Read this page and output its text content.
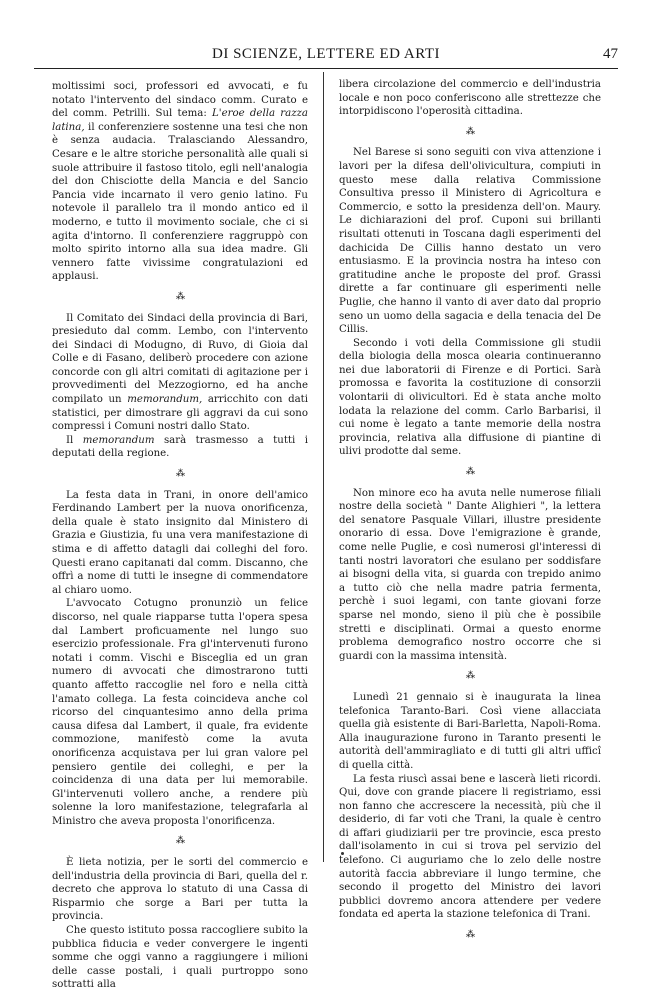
DI SCIENZE, LETTERE ED ARTI	47

moltissimi soci, professori ed avvocati, e fu notato l'intervento del sindaco comm. Curato e del comm. Petrilli. Sul tema: L'eroe della razza latina, il conferenziere sostenne una tesi che non è senza audacia. Tralasciando Alessandro, Cesare e le altre storiche personalità alle quali si suole attribuire il fastoso titolo, egli nell'analogia del don Chisciotte della Mancia e del Sancio Pancia vide incarnato il vero genio latino. Fu notevole il parallelo tra il mondo antico ed il moderno, e tutto il movimento sociale, che ci si agita d'intorno. Il conferenziere raggruppò con molto spirito intorno alla sua idea madre. Gli vennero fatte vivissime congratulazioni ed applausi.

⁂

Il Comitato dei Sindaci della provincia di Bari, presieduto dal comm. Lembo, con l'intervento dei Sindaci di Modugno, di Ruvo, di Gioia dal Colle e di Fasano, deliberò procedere con azione concorde con gli altri comitati di agitazione per i provvedimenti del Mezzogiorno, ed ha anche compilato un memorandum, arricchito con dati statistici, per dimostrare gli aggravi da cui sono compressi i Comuni nostri dallo Stato.

Il memorandum sarà trasmesso a tutti i deputati della regione.

⁂

La festa data in Trani, in onore dell'amico Ferdinando Lambert per la nuova onorificenza, della quale è stato insignito dal Ministero di Grazia e Giustizia, fu una vera manifestazione di stima e di affetto datagli dai colleghi del foro. Questi erano capitanati dal comm. Discanno, che offrì a nome di tutti le insegne di commendatore al chiaro uomo.

L'avvocato Cotugno pronunziò un felice discorso, nel quale riapparse tutta l'opera spesa dal Lambert proficuamente nel lungo suo esercizio professionale. Fra gl'intervenuti furono notati i comm. Vischi e Bisceglia ed un gran numero di avvocati che dimostrarono tutti quanto affetto raccoglie nel foro e nella città l'amato collega. La festa coincideva anche col ricorso del cinquantesimo anno della prima causa difesa dal Lambert, il quale, fra evidente commozione, manifestò come la avuta onorificenza acquistava per lui gran valore pel pensiero gentile dei colleghi, e per la coincidenza di una data per lui memorabile. Gl'intervenuti vollero anche, a rendere più solenne la loro manifestazione, telegrafarla al Ministro che aveva proposta l'onorificenza.

⁂

È lieta notizia, per le sorti del commercio e dell'industria della provincia di Bari, quella del r. decreto che approva lo statuto di una Cassa di Risparmio che sorge a Bari per tutta la provincia.

Che questo istituto possa raccogliere subito la pubblica fiducia e veder convergere le ingenti somme che oggi vanno a raggiungere i milioni delle casse postali, i quali purtroppo sono sottratti alla

libera circolazione del commercio e dell'industria locale e non poco conferiscono alle strettezze che intorpidiscono l'operosità cittadina.

⁂

Nel Barese si sono seguiti con viva attenzione i lavori per la difesa dell'olivicultura, compiuti in questo mese dalla relativa Commissione Consultiva presso il Ministero di Agricoltura e Commercio, e sotto la presidenza dell'on. Maury. Le dichiarazioni del prof. Cuponi sui brillanti risultati ottenuti in Toscana dagli esperimenti del dachicida De Cillis hanno destato un vero entusiasmo. E la provincia nostra ha inteso con gratitudine anche le proposte del prof. Grassi dirette a far continuare gli esperimenti nelle Puglie, che hanno il vanto di aver dato dal proprio seno un uomo della sagacia e della tenacia del De Cillis.

Secondo i voti della Commissione gli studii della biologia della mosca olearia continueranno nei due laboratorii di Firenze e di Portici. Sarà promossa e favorita la costituzione di consorzii volontarii di olivicultori. Ed è stata anche molto lodata la relazione del comm. Carlo Barbarisi, il cui nome è legato a tante memorie della nostra provincia, relativa alla diffusione di piantine di ulivi prodotte dal seme.

⁂

Non minore eco ha avuta nelle numerose filiali nostre della società " Dante Alighieri ", la lettera del senatore Pasquale Villari, illustre presidente onorario di essa. Dove l'emigrazione è grande, come nelle Puglie, e così numerosi gl'interessi di tanti nostri lavoratori che esulano per soddisfare ai bisogni della vita, si guarda con trepido animo a tutto ciò che nella madre patria fermenta, perchè i suoi legami, con tante giovani forze sparse nel mondo, sieno il più che è possibile stretti e disciplinati. Ormai a questo enorme problema demografico nostro occorre che si guardi con la massima intensità.

⁂

Lunedì 21 gennaio si è inaugurata la linea telefonica Taranto-Bari. Così viene allacciata quella già esistente di Bari-Barletta, Napoli-Roma. Alla inaugurazione furono in Taranto presenti le autorità dell'ammiragliato e di tutti gli altri ufficî di quella città.

La festa riuscì assai bene e lascerà lieti ricordi. Qui, dove con grande piacere li registriamo, essi non fanno che accrescere la necessità, più che il desiderio, di far voti che Trani, la quale è centro di affari giudiziarii per tre provincie, esca presto dall'isolamento in cui si trova pel servizio del telefono. Ci auguriamo che lo zelo delle nostre autorità faccia abbreviare il lungo termine, che secondo il progetto del Ministro dei lavori pubblici dovremo ancora attendere per vedere fondata ed aperta la stazione telefonica di Trani.

⁂
